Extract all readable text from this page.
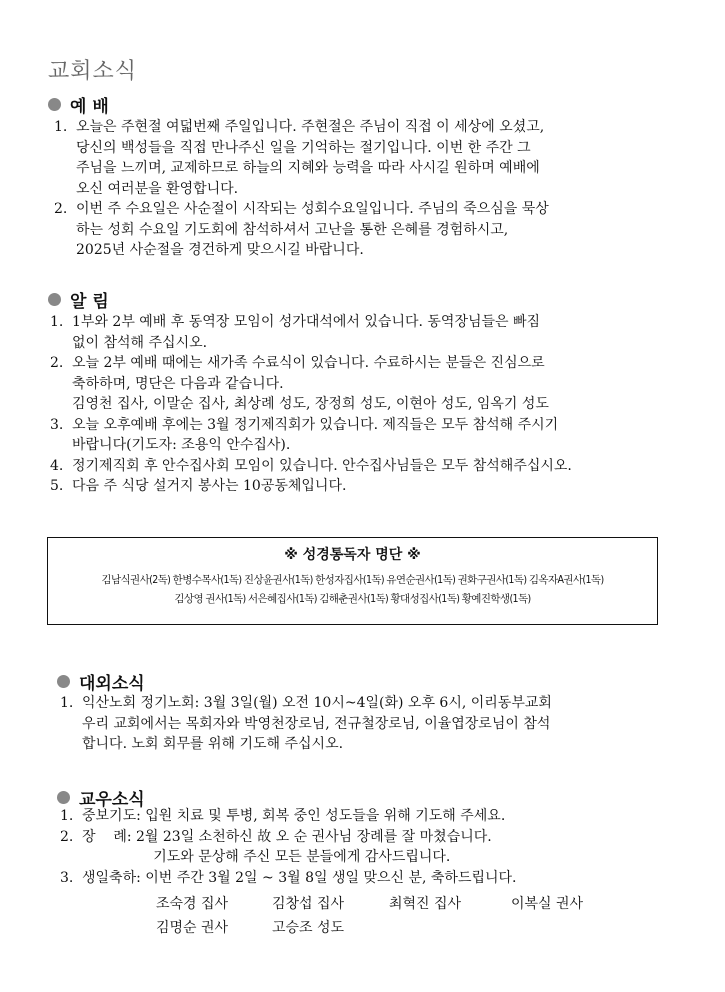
교회소식
예 배
1. 오늘은 주현절 여덟번째 주일입니다. 주현절은 주님이 직접 이 세상에 오셨고,
당신의 백성들을 직접 만나주신 일을 기억하는 절기입니다. 이번 한 주간 그
주님을 느끼며, 교제하므로 하늘의 지혜와 능력을 따라 사시길 원하며 예배에
오신 여러분을 환영합니다.
2. 이번 주 수요일은 사순절이 시작되는 성회수요일입니다. 주님의 죽으심을 묵상
하는 성회 수요일 기도회에 참석하셔서 고난을 통한 은혜를 경험하시고,
2025년 사순절을 경건하게 맞으시길 바랍니다.
알 림
1. 1부와 2부 예배 후 동역장 모임이 성가대석에서 있습니다. 동역장님들은 빠짐
없이 참석해 주십시오.
2. 오늘 2부 예배 때에는 새가족 수료식이 있습니다. 수료하시는 분들은 진심으로
축하하며, 명단은 다음과 같습니다.
김영천 집사, 이말순 집사, 최상례 성도, 장정희 성도, 이현아 성도, 임옥기 성도
3. 오늘 오후예배 후에는 3월 정기제직회가 있습니다. 제직들은 모두 참석해 주시기
바랍니다(기도자: 조용익 안수집사).
4. 정기제직회 후 안수집사회 모임이 있습니다. 안수집사님들은 모두 참석해주십시오.
5. 다음 주 식당 설거지 봉사는 10공동체입니다.
※ 성경통독자 명단 ※
김남식권사(2독) 한병수목사(1독) 진상윤권사(1독) 한성자집사(1독) 유연순권사(1독) 권화구권사(1독) 김옥자A권사(1독)
김상영 권사(1독) 서은혜집사(1독) 김해춘권사(1독) 황대성집사(1독) 황예진학생(1독)
대외소식
1. 익산노회 정기노회: 3월 3일(월) 오전 10시~4일(화) 오후 6시, 이리동부교회
우리 교회에서는 목회자와 박영천장로님, 전규철장로님, 이율엽장로님이 참석
합니다. 노회 회무를 위해 기도해 주십시오.
교우소식
1. 중보기도: 입원 치료 및 투병, 회복 중인 성도들을 위해 기도해 주세요.
2. 장    례: 2월 23일 소천하신 故 오 순 권사님 장례를 잘 마쳤습니다.
기도와 문상해 주신 모든 분들에게 감사드립니다.
3. 생일축하: 이번 주간 3월 2일 ~ 3월 8일 생일 맞으신 분, 축하드립니다.
조숙경 집사	김창섭 집사	최혁진 집사	이복실 권사
김명순 권사	고승조 성도
